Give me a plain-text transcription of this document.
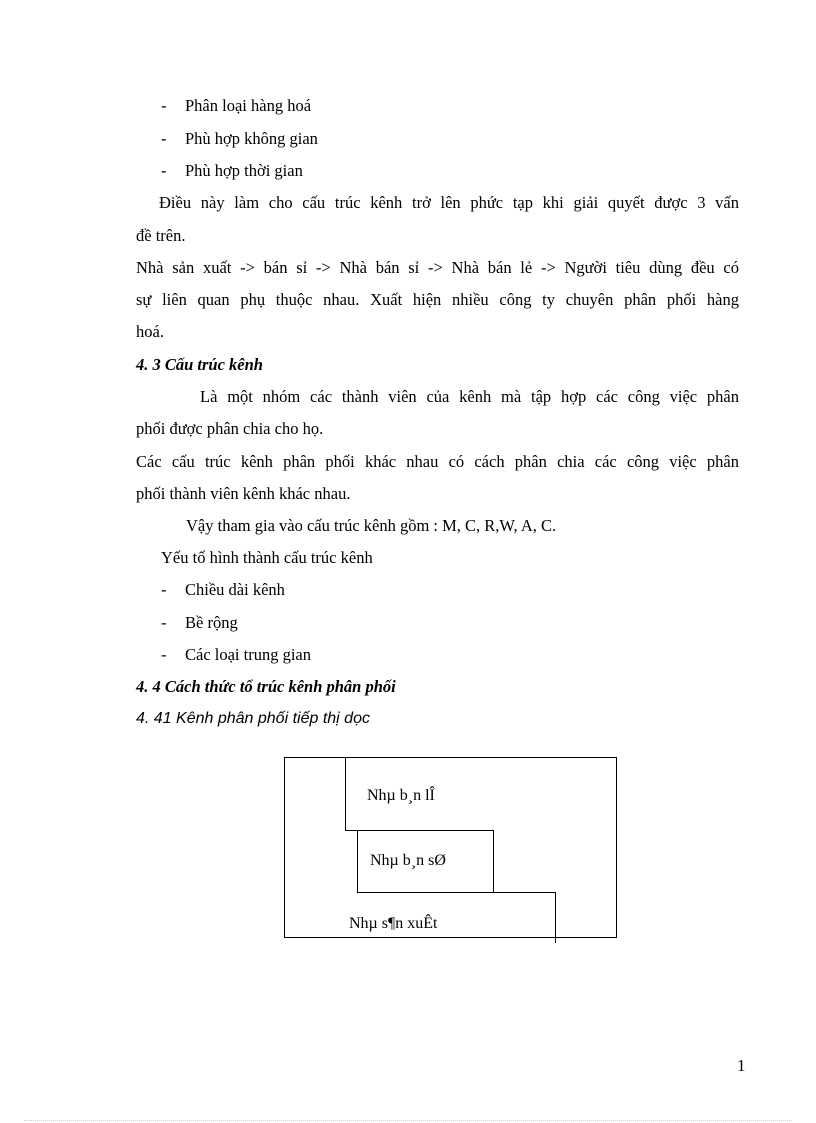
- Phân loại hàng hoá
- Phù hợp không gian
- Phù hợp thời gian
Điều này làm cho cấu trúc kênh trở lên phức tạp khi giải quyết được 3 vấn
đề trên.
Nhà sản xuất -> bán sỉ -> Nhà bán sỉ -> Nhà bán lẻ -> Người tiêu dùng đều có
sự liên quan phụ thuộc nhau. Xuất hiện nhiều công ty chuyên phân phối hàng
hoá.
4. 3 Cấu trúc kênh
Là một nhóm các thành viên của kênh mà tập hợp các công việc phân
phối được phân chia cho họ.
Các cấu trúc kênh phân phối khác nhau có cách phân chia các công việc phân
phối thành viên kênh khác nhau.
Vậy tham gia vào cấu trúc kênh gồm : M, C, R,W, A, C.
Yếu tố hình thành cấu trúc kênh
- Chiều dài kênh
- Bề rộng
- Các loại trung gian
4. 4 Cách thức tổ trúc kênh phân phối
4. 41 Kênh phân phối tiếp thị dọc
Nhµ b¸n lÎ
Nhµ b¸n sØ
Nhµ s¶n xuÊt
1
